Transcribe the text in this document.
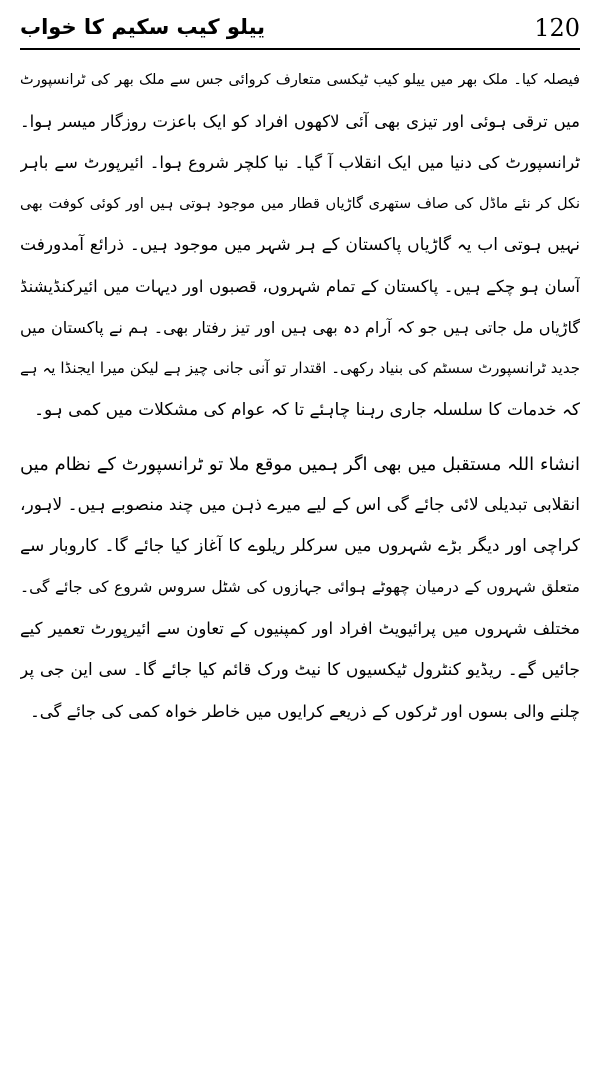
120
ییلو کیب سکیم کا خواب
فیصلہ کیا۔ ملک بھر میں ییلو کیب ٹیکسی متعارف کروائی جس سے ملک بھر کی ٹرانسپورٹ
میں ترقی ہوئی اور تیزی بھی آئی لاکھوں افراد کو ایک باعزت روزگار میسر ہوا۔
ٹرانسپورٹ کی دنیا میں ایک انقلاب آ گیا۔ نیا کلچر شروع ہوا۔ ائیرپورٹ سے باہر
نکل کر نئے ماڈل کی صاف ستھری گاڑیاں قطار میں موجود ہوتی ہیں اور کوئی کوفت بھی
نہیں ہوتی اب یہ گاڑیاں پاکستان کے ہر شہر میں موجود ہیں۔ ذرائع آمدورفت
آسان ہو چکے ہیں۔ پاکستان کے تمام شہروں، قصبوں اور دیہات میں ائیرکنڈیشنڈ
گاڑیاں مل جاتی ہیں جو کہ آرام دہ بھی ہیں اور تیز رفتار بھی۔ ہم نے پاکستان میں
جدید ٹرانسپورٹ سسٹم کی بنیاد رکھی۔ اقتدار تو آنی جانی چیز ہے لیکن میرا ایجنڈا یہ ہے
کہ خدمات کا سلسلہ جاری رہنا چاہئے تا کہ عوام کی مشکلات میں کمی ہو۔
انشاء اللہ مستقبل میں بھی اگر ہمیں موقع ملا تو ٹرانسپورٹ کے نظام میں
انقلابی تبدیلی لائی جائے گی اس کے لیے میرے ذہن میں چند منصوبے ہیں۔ لاہور،
کراچی اور دیگر بڑے شہروں میں سرکلر ریلوے کا آغاز کیا جائے گا۔ کاروبار سے
متعلق شہروں کے درمیان چھوٹے ہوائی جہازوں کی شٹل سروس شروع کی جائے گی۔
مختلف شہروں میں پرائیویٹ افراد اور کمپنیوں کے تعاون سے ائیرپورٹ تعمیر کیے
جائیں گے۔ ریڈیو کنٹرول ٹیکسیوں کا نیٹ ورک قائم کیا جائے گا۔ سی این جی پر
چلنے والی بسوں اور ٹرکوں کے ذریعے کرایوں میں خاطر خواہ کمی کی جائے گی۔
